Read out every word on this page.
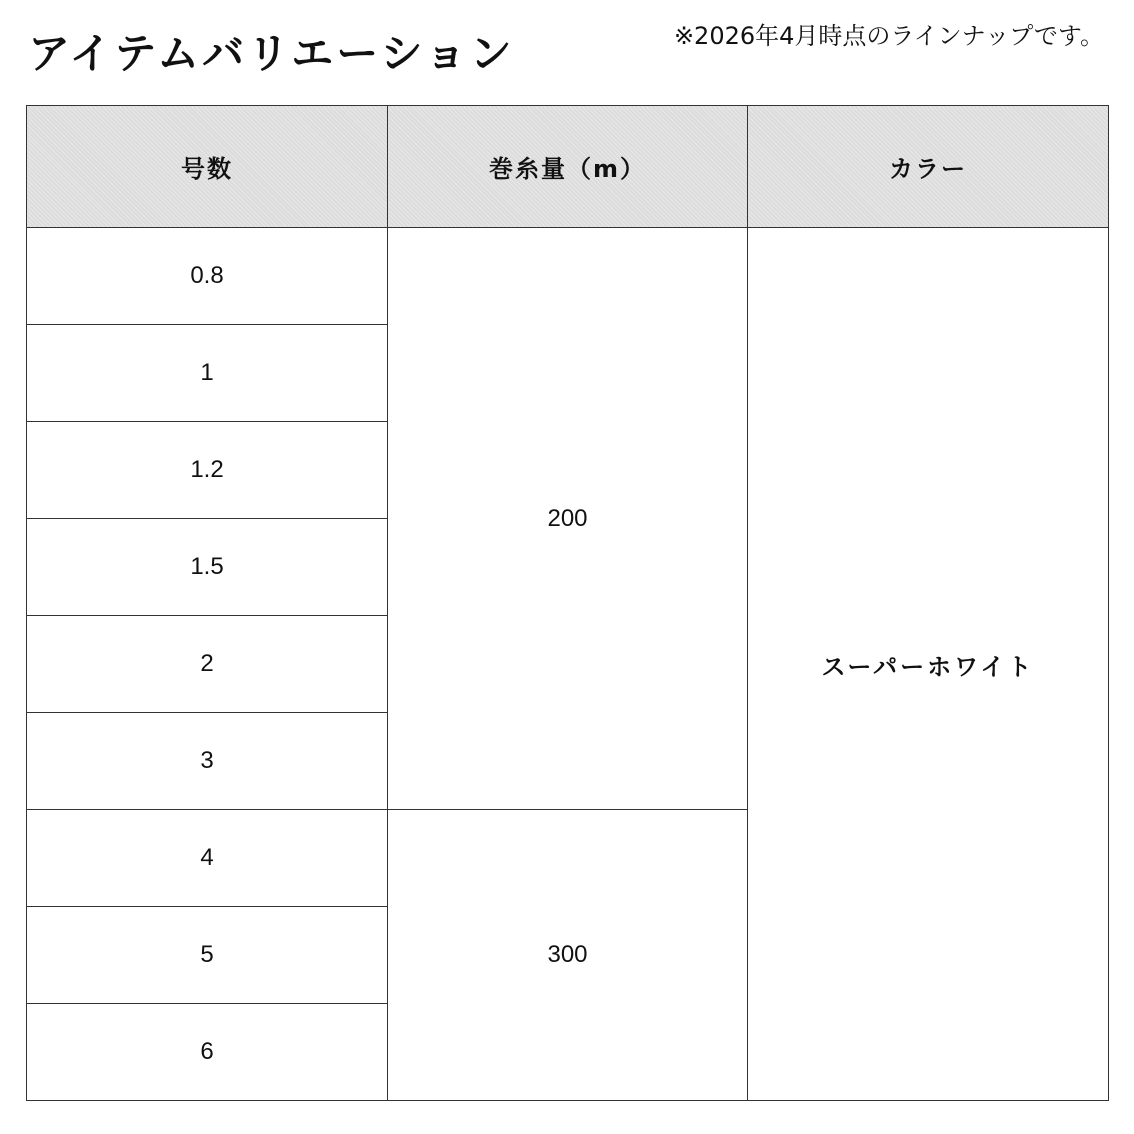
アイテムバリエーション	※2026年4月時点のラインナップです。
号数	巻糸量（m）	カラー
0.8	200	スーパーホワイト
1		
1.2		
1.5		
2		
3		
4	300	
5		
6		
